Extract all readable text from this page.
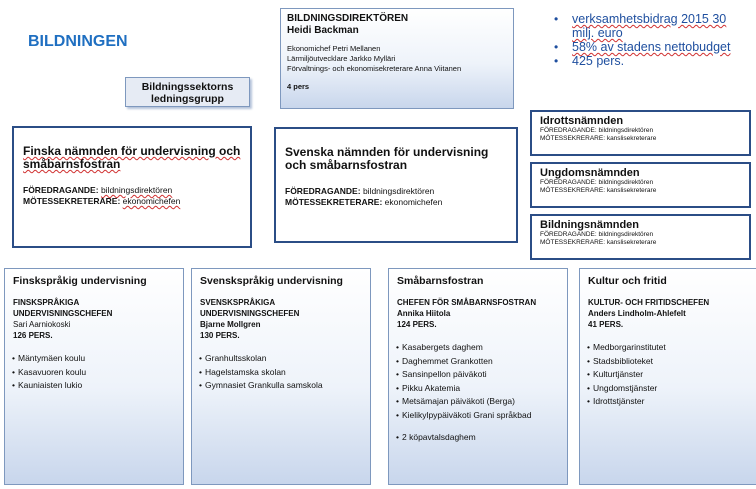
BILDNINGEN
BILDNINGSDIREKTÖREN
Heidi Backman
Ekonomichef Petri Mellanen
Lärmiljöutvecklare Jarkko Mylläri
Förvaltnings- och ekonomisekreterare Anna Viitanen
4 pers
Bildningssektorns
ledningsgrupp
• verksamhetsbidrag 2015 30 milj. euro
• 58% av stadens nettobudget
• 425 pers.
Finska nämnden för undervisning och småbarnsfostran
FÖREDRAGANDE: bildningsdirektören
MÖTESSEKRETERARE: ekonomichefen
Svenska nämnden för undervisning och småbarnsfostran
FÖREDRAGANDE: bildningsdirektören
MÖTESSEKRETERARE: ekonomichefen
Idrottsnämnden
FÖREDRAGANDE: bildningsdirektören
MÖTESSEKRERARE: kanslisekreterare
Ungdomsnämnden
FÖREDRAGANDE: bildningsdirektören
MÖTESSEKRERARE: kanslisekreterare
Bildningsnämnden
FÖREDRAGANDE: bildningsdirektören
MÖTESSEKRERARE: kanslisekreterare
Finskspråkig undervisning
FINSKSPRÅKIGA UNDERVISNINGSCHEFEN
Sari Aarniokoski
126 PERS.
• Mäntymäen koulu
• Kasavuoren koulu
• Kauniaisten lukio
Svenskspråkig undervisning
SVENSKSPRÅKIGA UNDERVISNINGSCHEFEN
Bjarne Mollgren
130 PERS.
• Granhultsskolan
• Hagelstamska skolan
• Gymnasiet Grankulla samskola
Småbarnsfostran
CHEFEN FÖR SMÅBARNSFOSTRAN
Annika Hiitola
124 PERS.
• Kasabergets daghem
• Daghemmet Grankotten
• Sansinpellon päiväkoti
• Pikku Akatemia
• Metsämajan päiväkoti (Berga)
• Kielikylpypäiväkoti Grani språkbad
• 2 köpavtalsdaghem
Kultur och fritid
KULTUR- OCH FRITIDSCHEFEN
Anders Lindholm-Ahlefelt
41 PERS.
• Medborgarinstitutet
• Stadsbiblioteket
• Kulturtjänster
• Ungdomstjänster
• Idrottstjänster
